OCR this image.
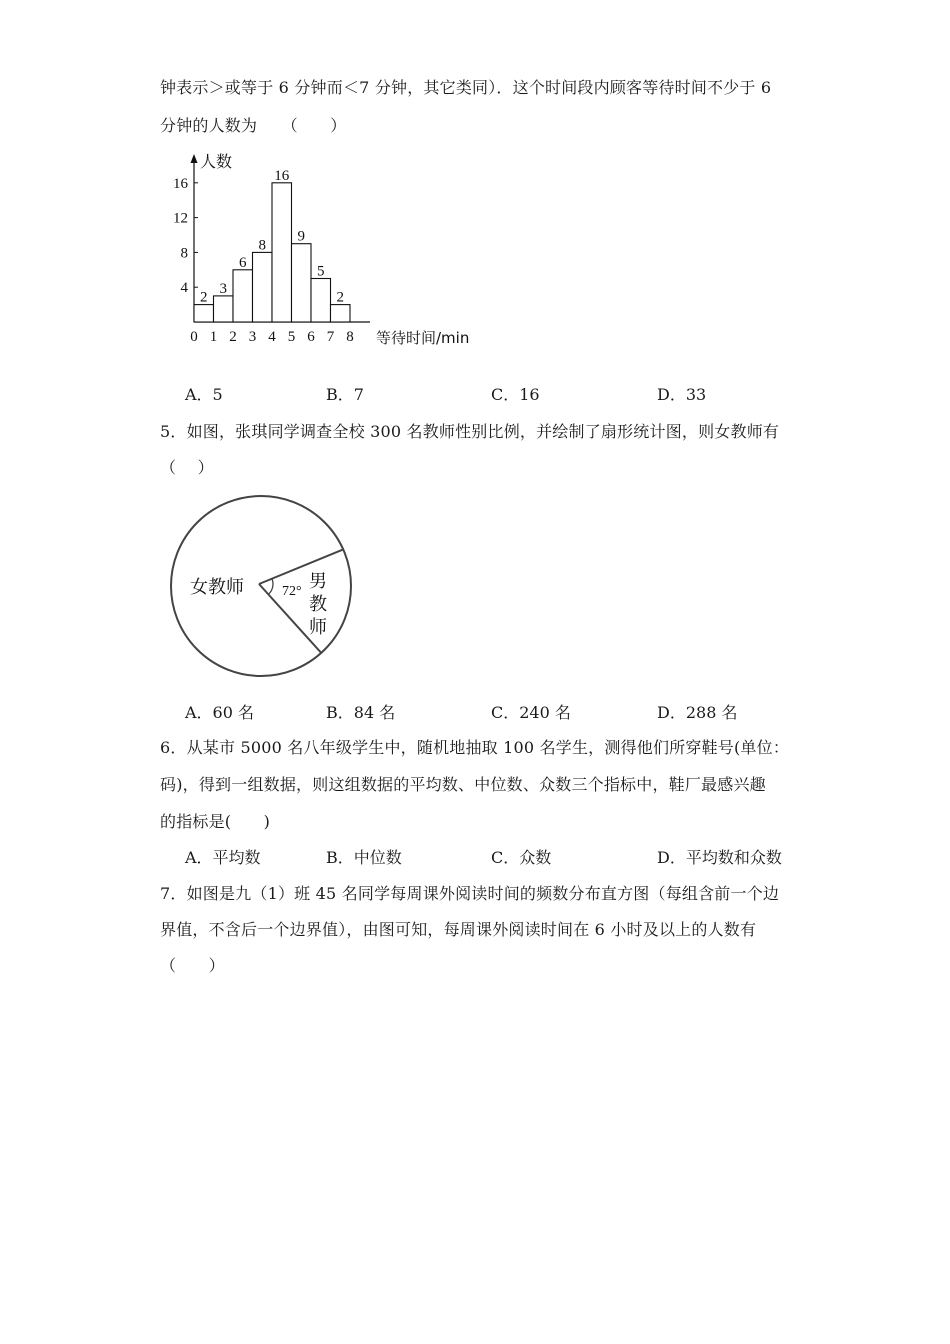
钟表示＞或等于 6 分钟而＜7 分钟，其它类同）．这个时间段内顾客等待时间不少于 6
分钟的人数为　　（　　）
人数
等待时间/min
2
3
6
8
16
9
5
2
4
8
12
16
0 1 2 3 4 5 6 7 8
A．5	B．7	C．16	D．33
5．如图，张琪同学调查全校 300 名教师性别比例，并绘制了扇形统计图，则女教师有
（　 ）
女教师	72° 男
教
师
A．60 名	B．84 名	C．240 名	D．288 名
6．从某市 5000 名八年级学生中，随机地抽取 100 名学生，测得他们所穿鞋号(单位：
码)，得到一组数据，则这组数据的平均数、中位数、众数三个指标中，鞋厂最感兴趣
的指标是(　　)
A．平均数	B．中位数	C．众数	D．平均数和众数
7．如图是九（1）班 45 名同学每周课外阅读时间的频数分布直方图（每组含前一个边
界值，不含后一个边界值），由图可知，每周课外阅读时间在 6 小时及以上的人数有
（　　）
